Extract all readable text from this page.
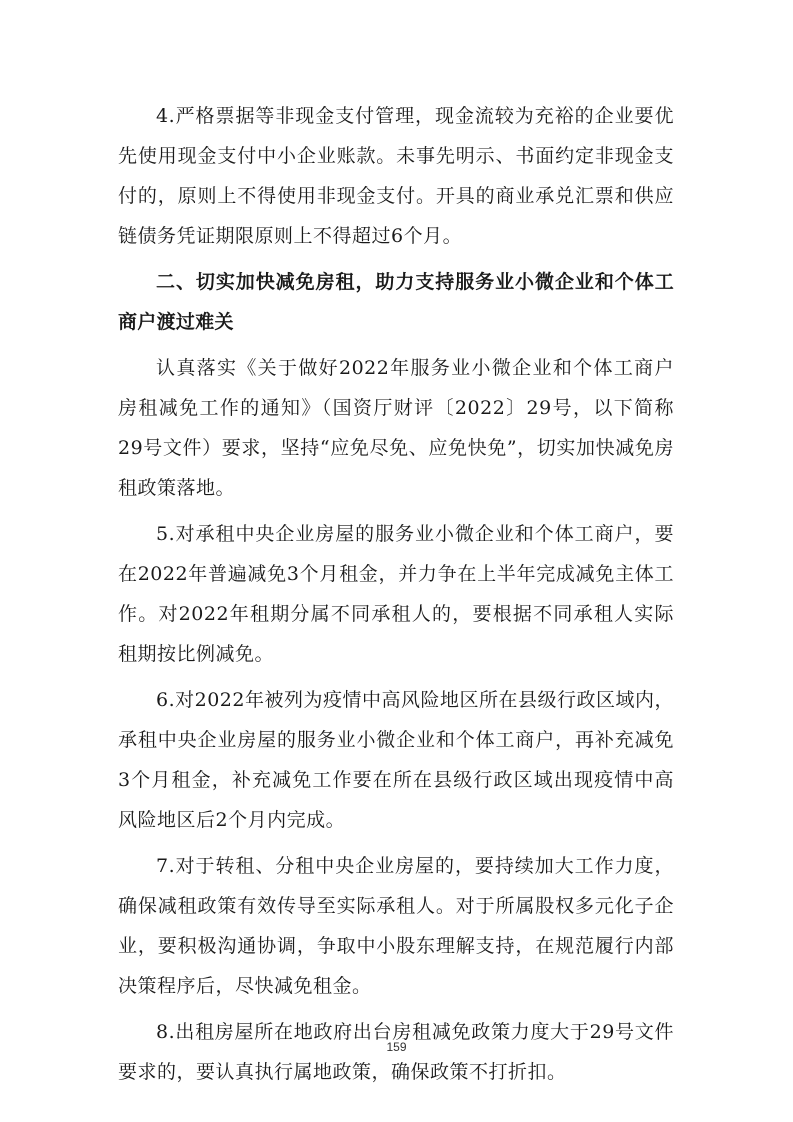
4.严格票据等非现金支付管理，现金流较为充裕的企业要优先使用现金支付中小企业账款。未事先明示、书面约定非现金支付的，原则上不得使用非现金支付。开具的商业承兑汇票和供应链债务凭证期限原则上不得超过6个月。

二、切实加快减免房租，助力支持服务业小微企业和个体工商户渡过难关

认真落实《关于做好2022年服务业小微企业和个体工商户房租减免工作的通知》（国资厅财评〔2022〕29号，以下简称29号文件）要求，坚持“应免尽免、应免快免”，切实加快减免房租政策落地。

5.对承租中央企业房屋的服务业小微企业和个体工商户，要在2022年普遍减免3个月租金，并力争在上半年完成减免主体工作。对2022年租期分属不同承租人的，要根据不同承租人实际租期按比例减免。

6.对2022年被列为疫情中高风险地区所在县级行政区域内，承租中央企业房屋的服务业小微企业和个体工商户，再补充减免3个月租金，补充减免工作要在所在县级行政区域出现疫情中高风险地区后2个月内完成。

7.对于转租、分租中央企业房屋的，要持续加大工作力度，确保减租政策有效传导至实际承租人。对于所属股权多元化子企业，要积极沟通协调，争取中小股东理解支持，在规范履行内部决策程序后，尽快减免租金。

8.出租房屋所在地政府出台房租减免政策力度大于29号文件要求的，要认真执行属地政策，确保政策不打折扣。

159
